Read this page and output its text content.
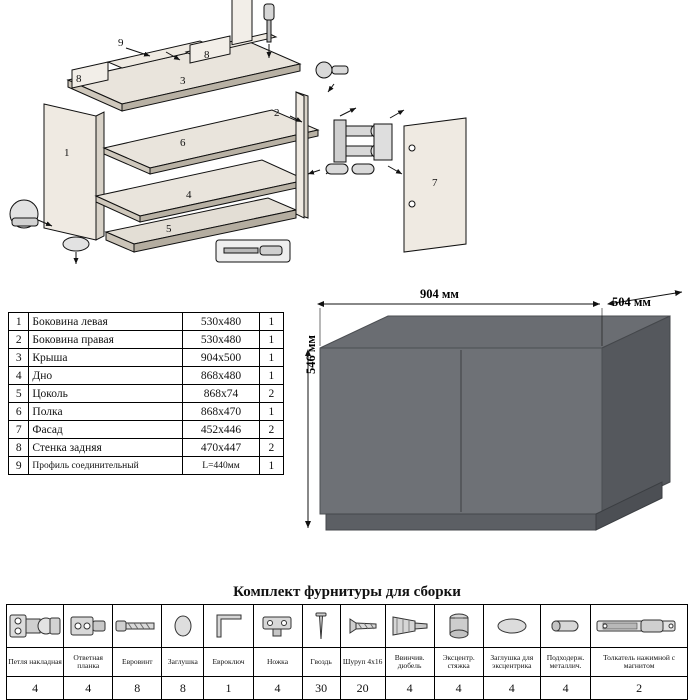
9
8
8
3
2
1
6
4
5
7
1	Боковина левая	530x480	1
2	Боковина правая	530x480	1
3	Крыша	904x500	1
4	Дно	868x480	1
5	Цоколь	868x74	2
6	Полка	868x470	1
7	Фасад	452x446	2
8	Стенка задняя	470x447	2
9	Профиль соединительный	L=440мм	1
904 мм
504 мм
546 мм
Комплект фурнитуры для сборки

Петля накладная	Ответная планка	Евровинт	Заглушка	Евроключ	Ножка	Гвоздь	Шуруп 4х16	Ввинчив. дюбель	Эксцентр. стяжка	Заглушка для эксцентрика	Подходерж. металлич.	Толкатель нажимной с магнитом
4	4	8	8	1	4	30	20	4	4	4	4	2
